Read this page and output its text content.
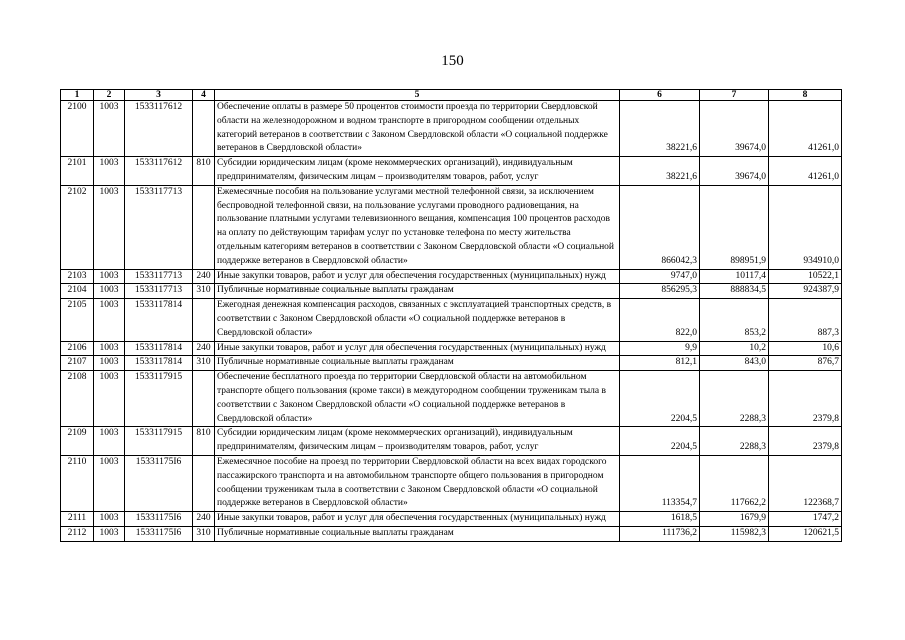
150
1	2	3	4	5	6	7	8
2100	1003	1533117612		Обеспечение оплаты в размере 50 процентов стоимости проезда по территории Свердловской области на железнодорожном и водном транспорте в пригородном сообщении отдельных категорий ветеранов в соответствии с Законом Свердловской области «О социальной поддержке ветеранов в Свердловской области»	38221,6	39674,0	41261,0
2101	1003	1533117612	810	Субсидии юридическим лицам (кроме некоммерческих организаций), индивидуальным предпринимателям, физическим лицам – производителям товаров, работ, услуг	38221,6	39674,0	41261,0
2102	1003	1533117713		Ежемесячные пособия на пользование услугами местной телефонной связи, за исключением беспроводной телефонной связи, на пользование услугами проводного радиовещания, на пользование платными услугами телевизионного вещания, компенсация 100 процентов расходов на оплату по действующим тарифам услуг по установке телефона по месту жительства отдельным категориям ветеранов в соответствии с Законом Свердловской области «О социальной поддержке ветеранов в Свердловской области»	866042,3	898951,9	934910,0
2103	1003	1533117713	240	Иные закупки товаров, работ и услуг для обеспечения государственных (муниципальных) нужд	9747,0	10117,4	10522,1
2104	1003	1533117713	310	Публичные нормативные социальные выплаты гражданам	856295,3	888834,5	924387,9
2105	1003	1533117814		Ежегодная денежная компенсация расходов, связанных с эксплуатацией транспортных средств, в соответствии с Законом Свердловской области «О социальной поддержке ветеранов в Свердловской области»	822,0	853,2	887,3
2106	1003	1533117814	240	Иные закупки товаров, работ и услуг для обеспечения государственных (муниципальных) нужд	9,9	10,2	10,6
2107	1003	1533117814	310	Публичные нормативные социальные выплаты гражданам	812,1	843,0	876,7
2108	1003	1533117915		Обеспечение бесплатного проезда по территории Свердловской области на автомобильном транспорте общего пользования (кроме такси) в междугородном сообщении труженикам тыла в соответствии с Законом Свердловской области «О социальной поддержке ветеранов в Свердловской области»	2204,5	2288,3	2379,8
2109	1003	1533117915	810	Субсидии юридическим лицам (кроме некоммерческих организаций), индивидуальным предпринимателям, физическим лицам – производителям товаров, работ, услуг	2204,5	2288,3	2379,8
2110	1003	15331175I6		Ежемесячное пособие на проезд по территории Свердловской области на всех видах городского пассажирского транспорта и на автомобильном транспорте общего пользования в пригородном сообщении труженикам тыла в соответствии с Законом Свердловской области «О социальной поддержке ветеранов в Свердловской области»	113354,7	117662,2	122368,7
2111	1003	15331175I6	240	Иные закупки товаров, работ и услуг для обеспечения государственных (муниципальных) нужд	1618,5	1679,9	1747,2
2112	1003	15331175I6	310	Публичные нормативные социальные выплаты гражданам	111736,2	115982,3	120621,5
